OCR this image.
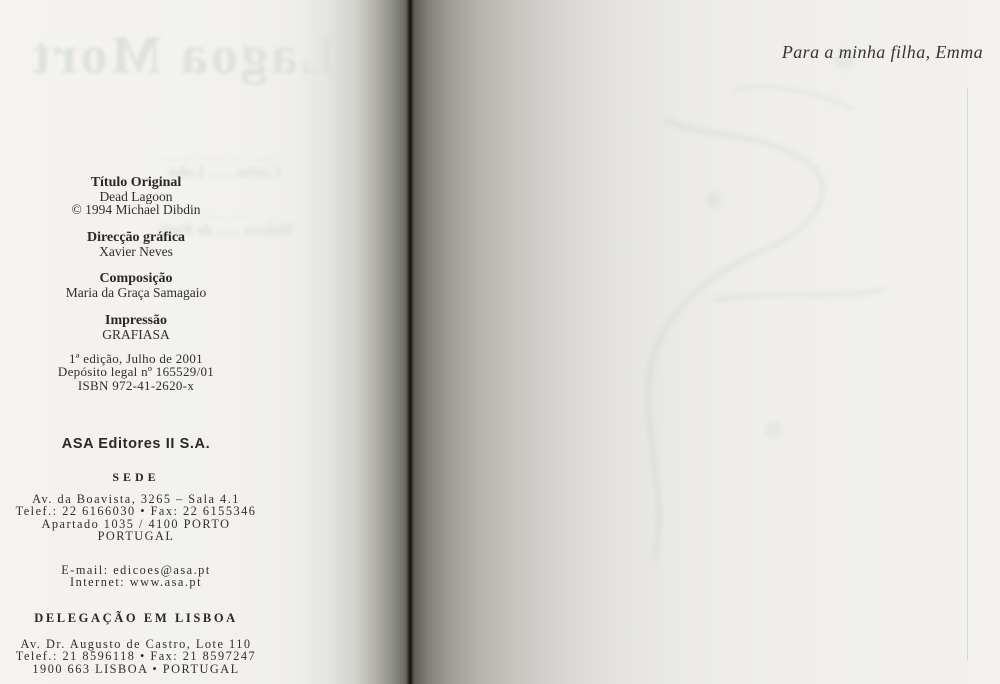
Lagoa Mort
…………… …… ………
Carlos ….. Lobo
…… ……
Helena ….. de Paris
Título Original
Dead Lagoon
© 1994 Michael Dibdin
Direcção gráfica
Xavier Neves
Composição
Maria da Graça Samagaio
Impressão
GRAFIASA
1ª edição, Julho de 2001
Depósito legal nº 165529/01
ISBN 972-41-2620-x
ASA Editores II S.A.
SEDE
Av. da Boavista, 3265 – Sala 4.1
Telef.: 22 6166030 • Fax: 22 6155346
Apartado 1035 / 4100 PORTO
PORTUGAL
E-mail: edicoes@asa.pt
Internet: www.asa.pt
DELEGAÇÃO EM LISBOA
Av. Dr. Augusto de Castro, Lote 110
Telef.: 21 8596118 • Fax: 21 8597247
1900 663 LISBOA • PORTUGAL
Para a minha filha, Emma
